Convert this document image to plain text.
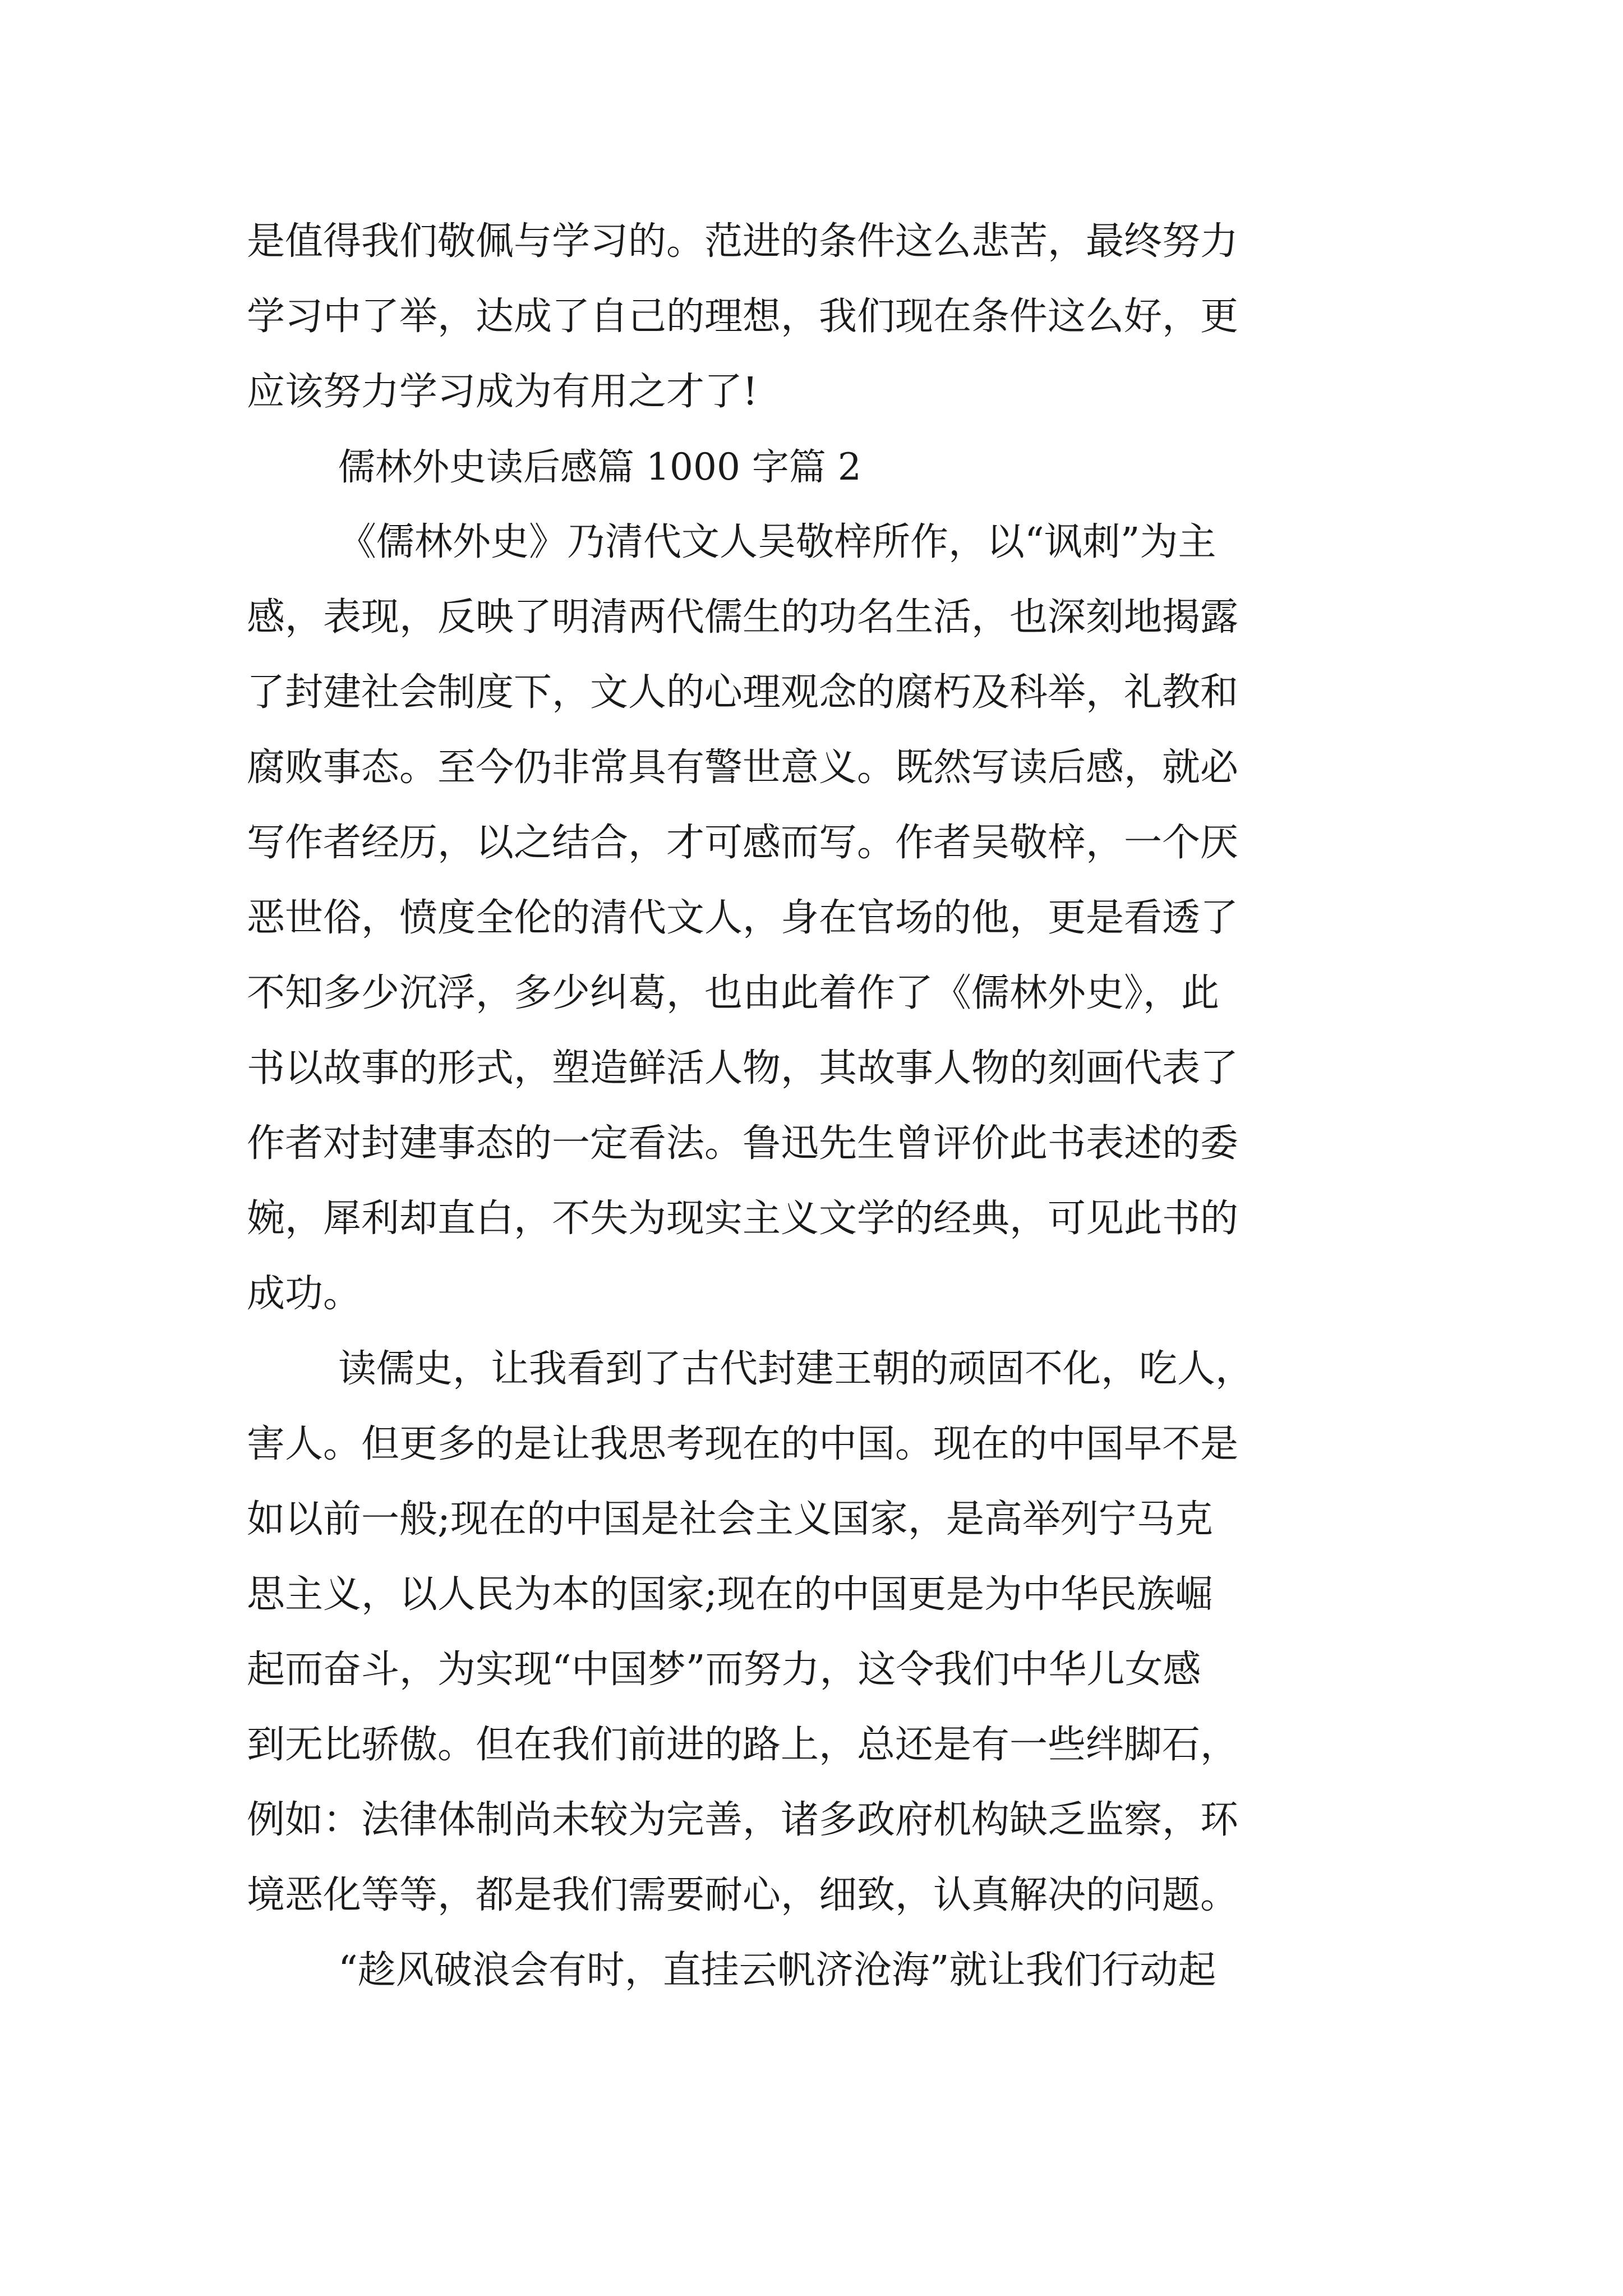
是值得我们敬佩与学习的。范进的条件这么悲苦，最终努力

学习中了举，达成了自己的理想，我们现在条件这么好，更

应该努力学习成为有用之才了!

儒林外史读后感篇 1000 字篇 2

《儒林外史》乃清代文人吴敬梓所作，以“讽刺”为主

感，表现，反映了明清两代儒生的功名生活，也深刻地揭露

了封建社会制度下，文人的心理观念的腐朽及科举，礼教和

腐败事态。至今仍非常具有警世意义。既然写读后感，就必

写作者经历，以之结合，才可感而写。作者吴敬梓，一个厌

恶世俗，愤度全伦的清代文人，身在官场的他，更是看透了

不知多少沉浮，多少纠葛，也由此着作了《儒林外史》，此

书以故事的形式，塑造鲜活人物，其故事人物的刻画代表了

作者对封建事态的一定看法。鲁迅先生曾评价此书表述的委

婉，犀利却直白，不失为现实主义文学的经典，可见此书的

成功。

读儒史，让我看到了古代封建王朝的顽固不化，吃人，

害人。但更多的是让我思考现在的中国。现在的中国早不是

如以前一般;现在的中国是社会主义国家，是高举列宁马克

思主义，以人民为本的国家;现在的中国更是为中华民族崛

起而奋斗，为实现“中国梦”而努力，这令我们中华儿女感

到无比骄傲。但在我们前进的路上，总还是有一些绊脚石，

例如：法律体制尚未较为完善，诸多政府机构缺乏监察，环

境恶化等等，都是我们需要耐心，细致，认真解决的问题。

“趁风破浪会有时，直挂云帆济沧海”就让我们行动起
